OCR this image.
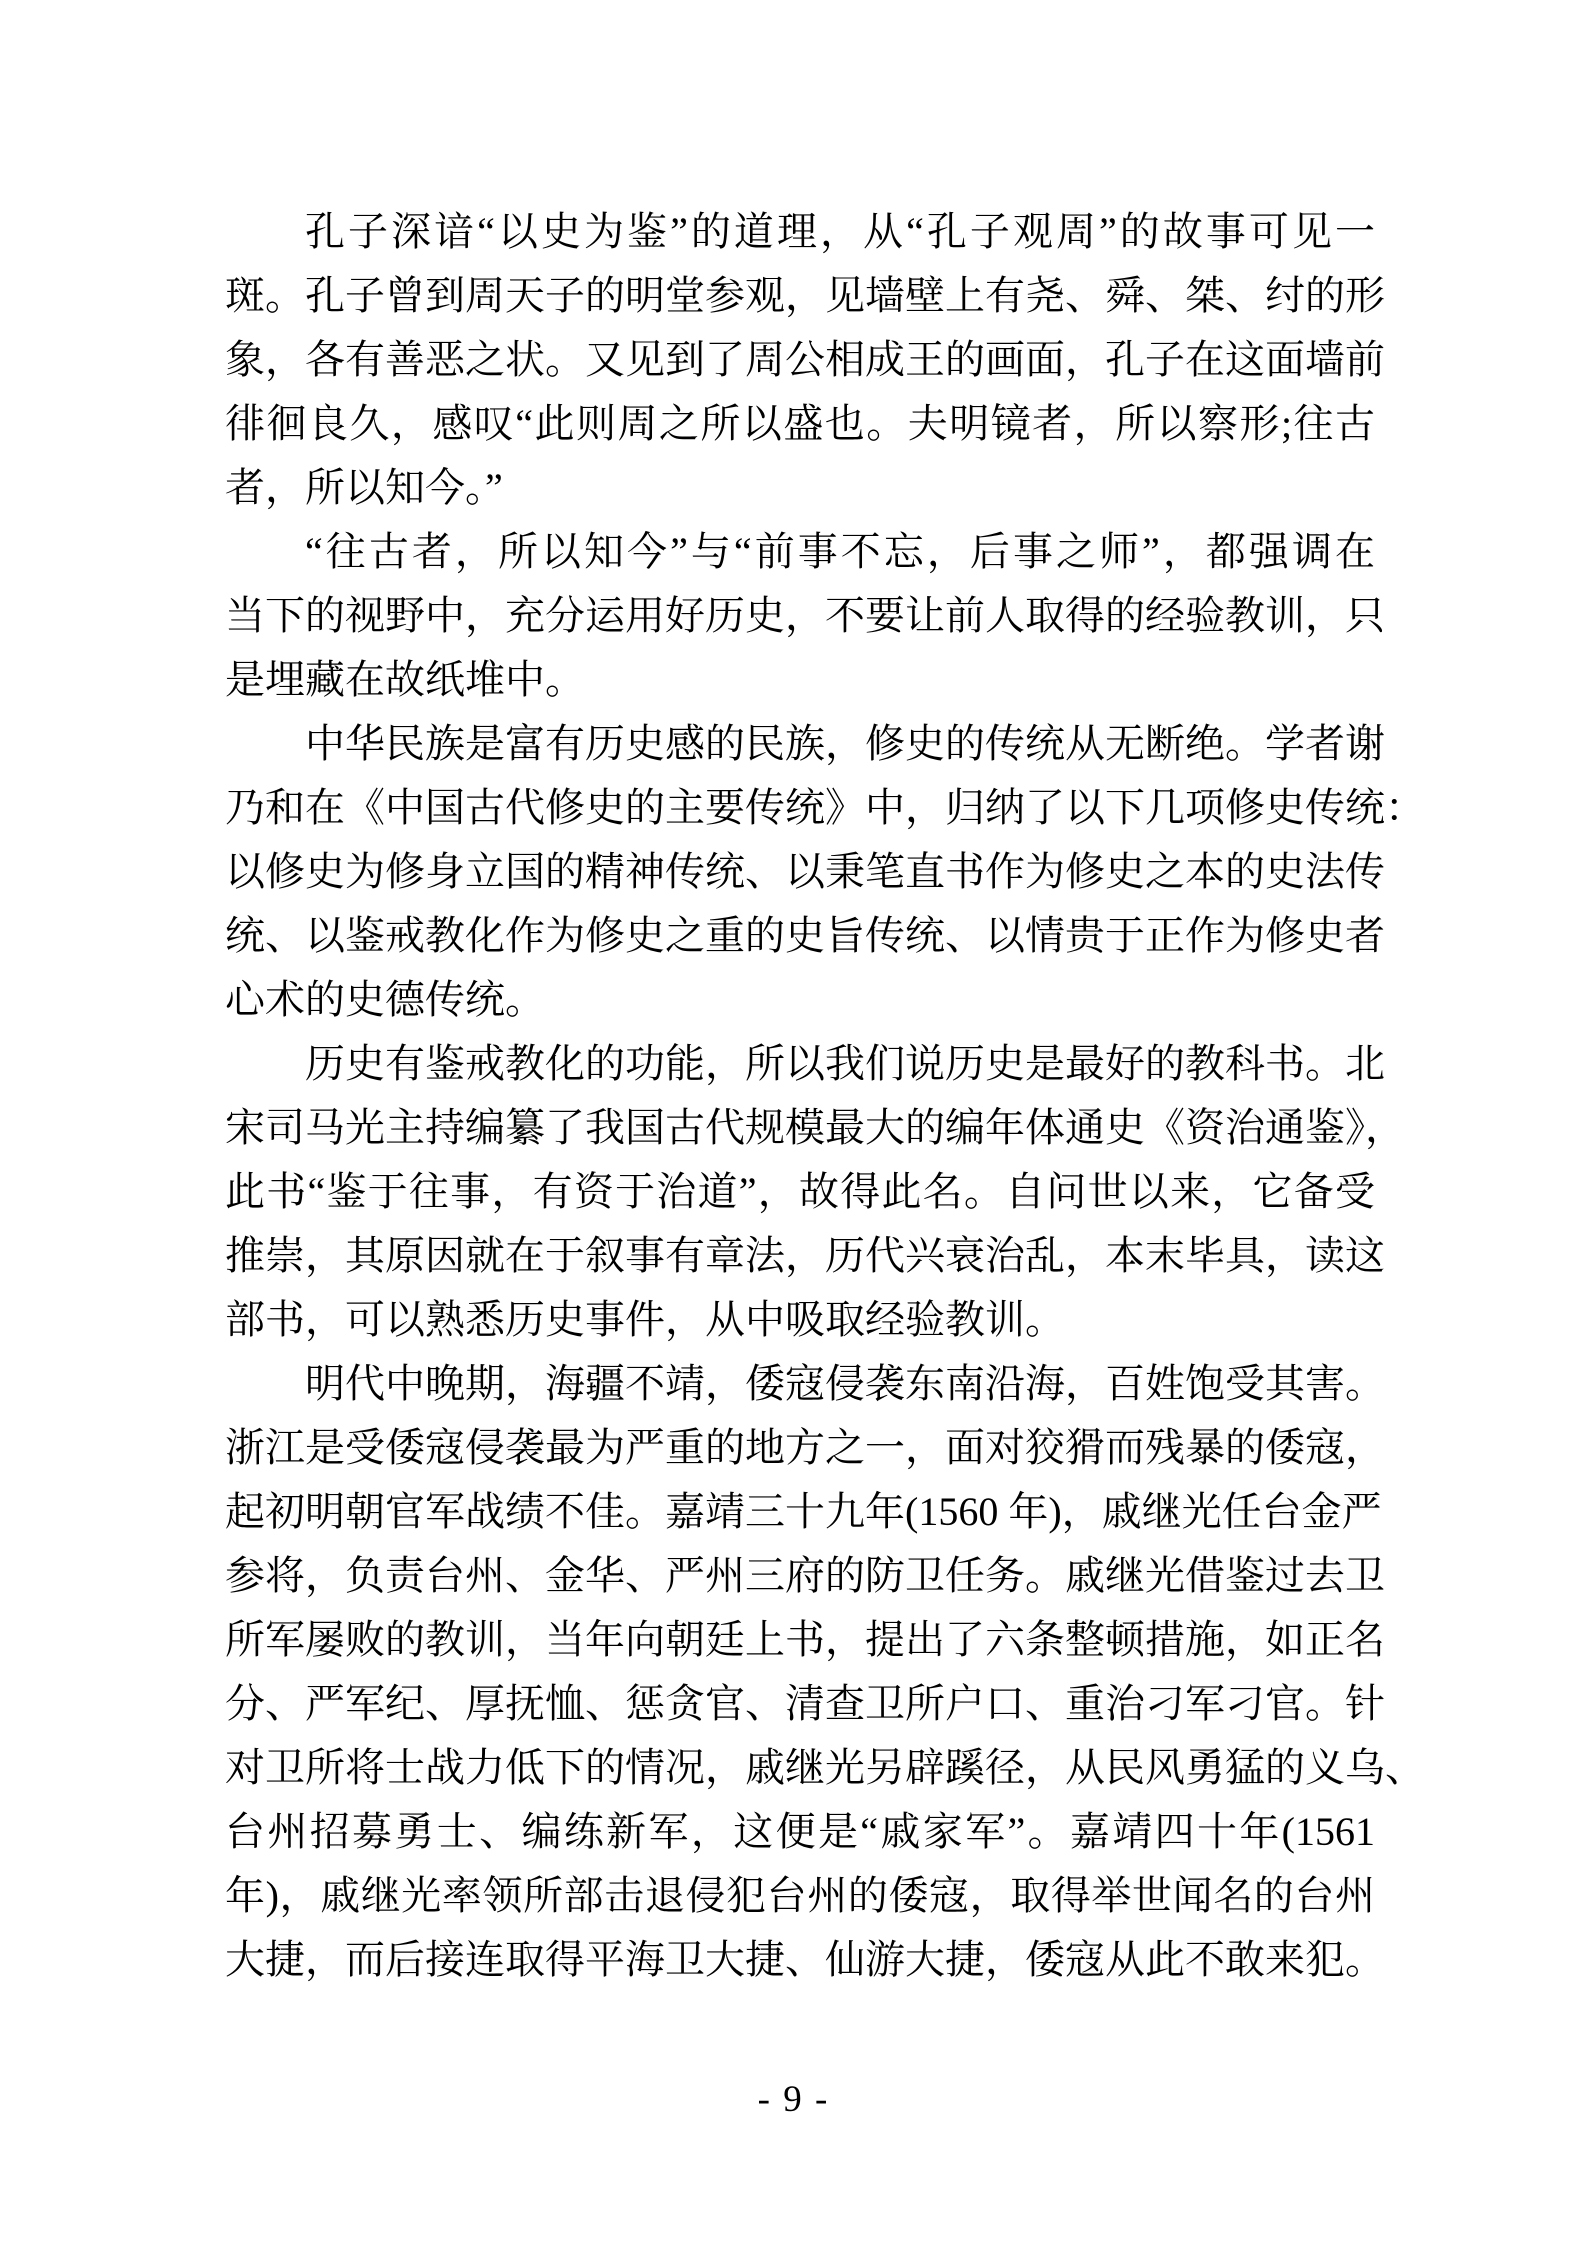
孔子深谙“以史为鉴”的道理，从“孔子观周”的故事可见一
斑。孔子曾到周天子的明堂参观，见墙壁上有尧、舜、桀、纣的形
象，各有善恶之状。又见到了周公相成王的画面，孔子在这面墙前
徘徊良久，感叹“此则周之所以盛也。夫明镜者，所以察形;往古
者，所以知今。”
“往古者，所以知今”与“前事不忘，后事之师”，都强调在
当下的视野中，充分运用好历史，不要让前人取得的经验教训，只
是埋藏在故纸堆中。
中华民族是富有历史感的民族，修史的传统从无断绝。学者谢
乃和在《中国古代修史的主要传统》中，归纳了以下几项修史传统：
以修史为修身立国的精神传统、以秉笔直书作为修史之本的史法传
统、以鉴戒教化作为修史之重的史旨传统、以情贵于正作为修史者
心术的史德传统。
历史有鉴戒教化的功能，所以我们说历史是最好的教科书。北
宋司马光主持编纂了我国古代规模最大的编年体通史《资治通鉴》，
此书“鉴于往事，有资于治道”，故得此名。自问世以来，它备受
推崇，其原因就在于叙事有章法，历代兴衰治乱，本末毕具，读这
部书，可以熟悉历史事件，从中吸取经验教训。
明代中晚期，海疆不靖，倭寇侵袭东南沿海，百姓饱受其害。
浙江是受倭寇侵袭最为严重的地方之一，面对狡猾而残暴的倭寇，
起初明朝官军战绩不佳。嘉靖三十九年(1560 年)，戚继光任台金严
参将，负责台州、金华、严州三府的防卫任务。戚继光借鉴过去卫
所军屡败的教训，当年向朝廷上书，提出了六条整顿措施，如正名
分、严军纪、厚抚恤、惩贪官、清查卫所户口、重治刁军刁官。针
对卫所将士战力低下的情况，戚继光另辟蹊径，从民风勇猛的义乌、
台州招募勇士、编练新军，这便是“戚家军”。嘉靖四十年(1561
年)，戚继光率领所部击退侵犯台州的倭寇，取得举世闻名的台州
大捷，而后接连取得平海卫大捷、仙游大捷，倭寇从此不敢来犯。
- 9 -
